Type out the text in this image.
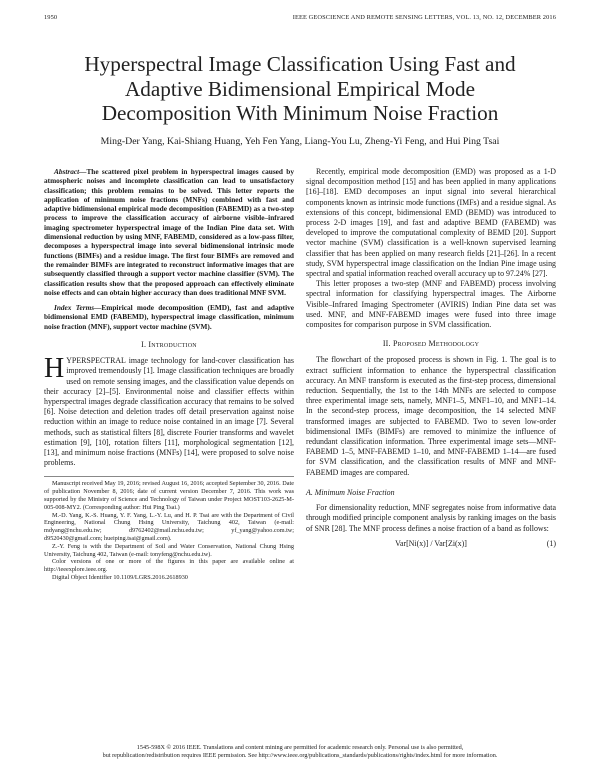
1950	IEEE GEOSCIENCE AND REMOTE SENSING LETTERS, VOL. 13, NO. 12, DECEMBER 2016
Hyperspectral Image Classification Using Fast and
Adaptive Bidimensional Empirical Mode
Decomposition With Minimum Noise Fraction
Ming-Der Yang, Kai-Shiang Huang, Yeh Fen Yang, Liang-You Lu, Zheng-Yi Feng, and Hui Ping Tsai

Abstract—The scattered pixel problem in hyperspectral images caused by atmospheric noises and incomplete classification can lead to unsatisfactory classification; this problem remains to be solved. This letter reports the application of minimum noise fractions (MNFs) combined with fast and adaptive bidimensional empirical mode decomposition (FABEMD) as a two-step process to improve the classification accuracy of airborne visible–infrared imaging spectrometer hyperspectral image of the Indian Pine data set. With dimensional reduction by using MNF, FABEMD, considered as a low-pass filter, decomposes a hyperspectral image into several bidimensional intrinsic mode functions (BIMFs) and a residue image. The first four BIMFs are removed and the remainder BIMFs are integrated to reconstruct informative images that are subsequently classified through a support vector machine classifier (SVM). The classification results show that the proposed approach can effectively eliminate noise effects and can obtain higher accuracy than does traditional MNF SVM.

Index Terms—Empirical mode decomposition (EMD), fast and adaptive bidimensional EMD (FABEMD), hyperspectral image classification, minimum noise fraction (MNF), support vector machine (SVM).

I. Introduction

HYPERSPECTRAL image technology for land-cover classification has improved tremendously [1]. Image classification techniques are broadly used on remote sensing images, and the classification value depends on their accuracy [2]–[5]. Environmental noise and classifier effects within hyperspectral images degrade classification accuracy that remains to be solved [6]. Noise detection and deletion trades off detail preservation against noise reduction within an image to reduce noise contained in an image [7]. Several methods, such as statistical filters [8], discrete Fourier transforms and wavelet estimation [9], [10], rotation filters [11], morphological segmentation [12], [13], and minimum noise fractions (MNFs) [14], were proposed to solve noise problems.

Manuscript received May 19, 2016; revised August 16, 2016; accepted September 30, 2016. Date of publication November 8, 2016; date of current version December 7, 2016. This work was supported by the Ministry of Science and Technology of Taiwan under Project MOST103-2625-M-005-008-MY2. (Corresponding author: Hui Ping Tsai.)

M.-D. Yang, K.-S. Huang, Y. F. Yang, L.-Y. Lu, and H. P. Tsai are with the Department of Civil Engineering, National Chung Hsing University, Taichung 402, Taiwan (e-mail: mdyang@nchu.edu.tw; d9762402@mail.nchu.edu.tw; yf_yang@yahoo.com.tw; d9520430@gmail.com; hueiping.tsai@gmail.com).

Z.-Y. Feng is with the Department of Soil and Water Conservation, National Chung Hsing University, Taichung 402, Taiwan (e-mail: tonyfeng@nchu.edu.tw).

Color versions of one or more of the figures in this paper are available online at http://ieeexplore.ieee.org.

Digital Object Identifier 10.1109/LGRS.2016.2618930

Recently, empirical mode decomposition (EMD) was proposed as a 1-D signal decomposition method [15] and has been applied in many applications [16]–[18]. EMD decomposes an input signal into several hierarchical components known as intrinsic mode functions (IMFs) and a residue signal. As extensions of this concept, bidimensional EMD (BEMD) was introduced to process 2-D images [19], and fast and adaptive BEMD (FABEMD) was developed to improve the computational complexity of BEMD [20]. Support vector machine (SVM) classification is a well-known supervised learning classifier that has been applied on many research fields [21]–[26]. In a recent study, SVM hyperspectral image classification on the Indian Pine image using spectral and spatial information reached overall accuracy up to 97.24% [27].

This letter proposes a two-step (MNF and FABEMD) process involving spectral information for classifying hyperspectral images. The Airborne Visible–Infrared Imaging Spectrometer (AVIRIS) Indian Pine data set was used. MNF, and MNF-FABEMD images were fused into three image composites for comparison purpose in SVM classification.

II. Proposed Methodology

The flowchart of the proposed process is shown in Fig. 1. The goal is to extract sufficient information to enhance the hyperspectral classification accuracy. An MNF transform is executed as the first-step process, dimensional reduction. Sequentially, the 1st to the 14th MNFs are selected to compose three experimental image sets, namely, MNF1–5, MNF1–10, and MNF1–14. In the second-step process, image decomposition, the 14 selected MNF transformed images are subjected to FABEMD. Two to seven low-order bidimensional IMFs (BIMFs) are removed to minimize the influence of redundant classification information. Three experimental image sets—MNF-FABEMD 1–5, MNF-FABEMD 1–10, and MNF-FABEMD 1–14—are fused for SVM classification, and the classification results of MNF and MNF-FABEMD images are compared.

A. Minimum Noise Fraction

For dimensionality reduction, MNF segregates noise from informative data through modified principle component analysis by ranking images on the basis of SNR [28]. The MNF process defines a noise fraction of a band as follows:

Var[Ni(x)] / Var[Zi(x)]	(1)
1545-598X © 2016 IEEE. Translations and content mining are permitted for academic research only. Personal use is also permitted,
but republication/redistribution requires IEEE permission. See http://www.ieee.org/publications_standards/publications/rights/index.html for more information.
